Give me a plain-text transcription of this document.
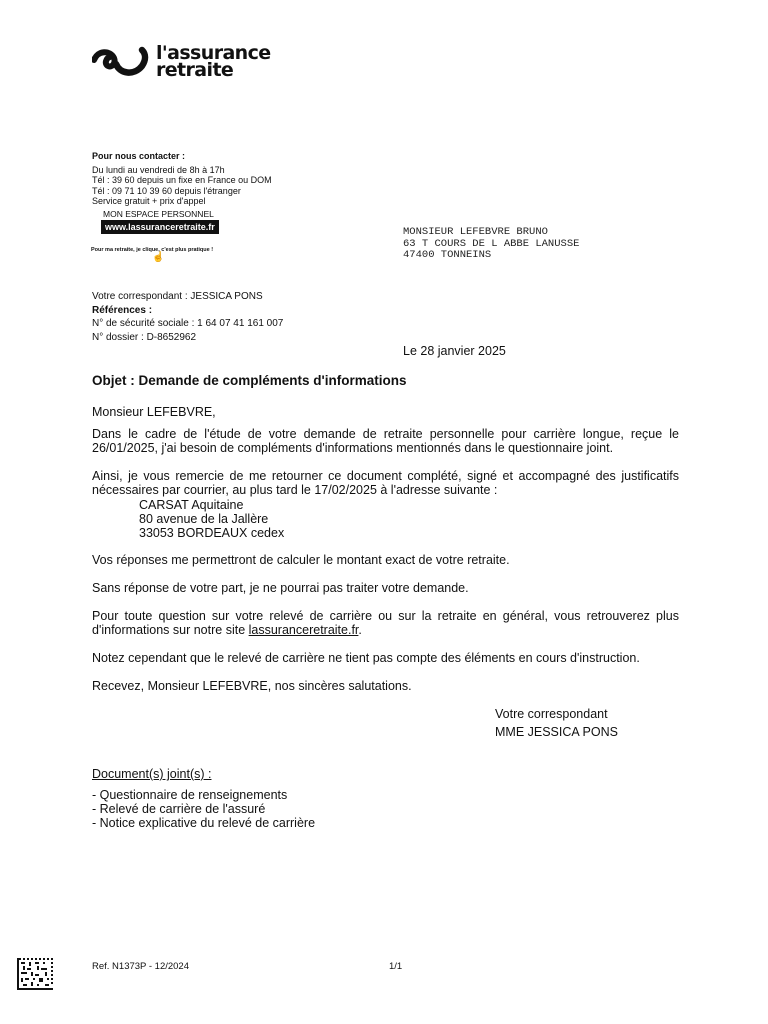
l'assurance
retraite
Pour nous contacter :
Du lundi au vendredi de 8h à 17h
Tél : 39 60 depuis un fixe en France ou DOM
Tél : 09 71 10 39 60 depuis l'étranger
Service gratuit + prix d'appel
MON ESPACE PERSONNEL
www.lassuranceretraite.fr
Pour ma retraite, je clique, c'est plus pratique !
☝
MONSIEUR LEFEBVRE BRUNO
63 T COURS DE L ABBE LANUSSE
47400 TONNEINS
Votre correspondant : JESSICA PONS
Références :
N° de sécurité sociale : 1 64 07 41 161 007
N° dossier : D-8652962
Le 28 janvier 2025
Objet : Demande de compléments d'informations
Monsieur LEFEBVRE,
Dans le cadre de l'étude de votre demande de retraite personnelle pour carrière longue, reçue le 26/01/2025, j'ai besoin de compléments d'informations mentionnés dans le questionnaire joint.
Ainsi, je vous remercie de me retourner ce document complété, signé et accompagné des justificatifs nécessaires par courrier, au plus tard le 17/02/2025 à l'adresse suivante :
CARSAT Aquitaine
80 avenue de la Jallère
33053 BORDEAUX cedex
Vos réponses me permettront de calculer le montant exact de votre retraite.
Sans réponse de votre part, je ne pourrai pas traiter votre demande.
Pour toute question sur votre relevé de carrière ou sur la retraite en général, vous retrouverez plus d'informations sur notre site lassuranceretraite.fr.
Notez cependant que le relevé de carrière ne tient pas compte des éléments en cours d'instruction.
Recevez, Monsieur LEFEBVRE, nos sincères salutations.
Votre correspondant
MME JESSICA PONS
Document(s) joint(s) :
- Questionnaire de renseignements
- Relevé de carrière de l'assuré
- Notice explicative du relevé de carrière
Ref. N1373P - 12/2024	1/1
